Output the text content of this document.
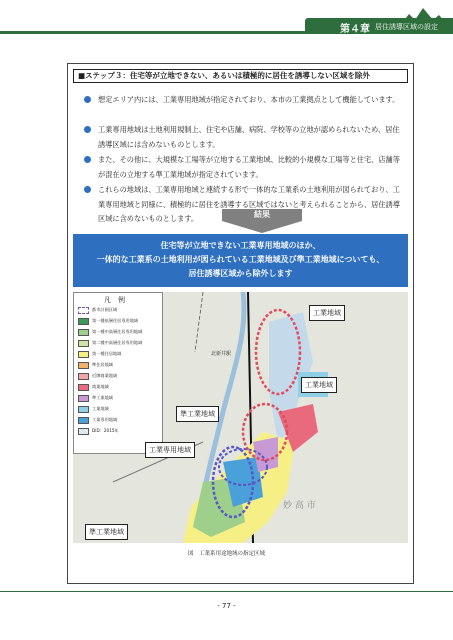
第４章 居住誘導区域の設定
■ステップ３：住宅等が立地できない、あるいは積極的に居住を誘導しない区域を除外
想定エリア内には、工業専用地域が指定されており、本市の工業拠点として機能しています。
工業専用地域は土地利用規制上、住宅や店舗、病院、学校等の立地が認められないため、居住誘導区域には含めないものとします。
また、その他に、大規模な工場等が立地する工業地域、比較的小規模な工場等と住宅、店舗等が混在の立地する準工業地域が指定されています。
これらの地域は、工業専用地域と連続する形で一体的な工業系の土地利用が図られており、工業専用地域と同様に、積極的に居住を誘導する区域ではないと考えられることから、居住誘導区域に含めないものとします。	結果
住宅等が立地できない工業専用地域のほか、
一体的な工業系の土地利用が図られている工業地域及び準工業地域についても、
居住誘導区域から除外します
凡　例
都市計画区域
第一種低層住居専用地域
第一種中高層住居専用地域
第二種中高層住居専用地域
第一種住居地域
準住居地域
近隣商業地域
商業地域
準工業地域
工業地域
工業専用地域
DID：2015年
工業地域
工業地域
準工業地域
工業専用地域
準工業地域
北新井駅
妙 高 市
図　工業系用途地域の指定区域
- 77 -
